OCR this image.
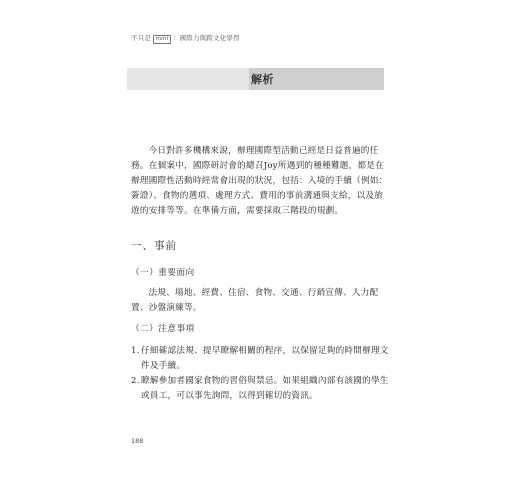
不只是 mini ：國際力與跨文化學習
解析
今日對許多機構來說，辦理國際型活動已經是日益普遍的任務。在個案中，國際研討會的總召Joy所遇到的種種難題，都是在辦理國際性活動時經常會出現的狀況，包括：入境的手續（例如：簽證）、食物的選項、處理方式、費用的事前溝通與支給，以及旅遊的安排等等。在準備方面，需要採取三階段的規劃。
一、事前
（一）重要面向
法規、場地、經費、住宿、食物、交通、行銷宣傳、人力配置、沙盤演練等。
（二）注意事項
1. 仔細確認法規、提早瞭解相關的程序，以保留足夠的時間辦理文件及手續。
2. 瞭解參加者國家食物的習俗與禁忌。如果組織內部有該國的學生或員工，可以事先詢問，以得到確切的資訊。
188
